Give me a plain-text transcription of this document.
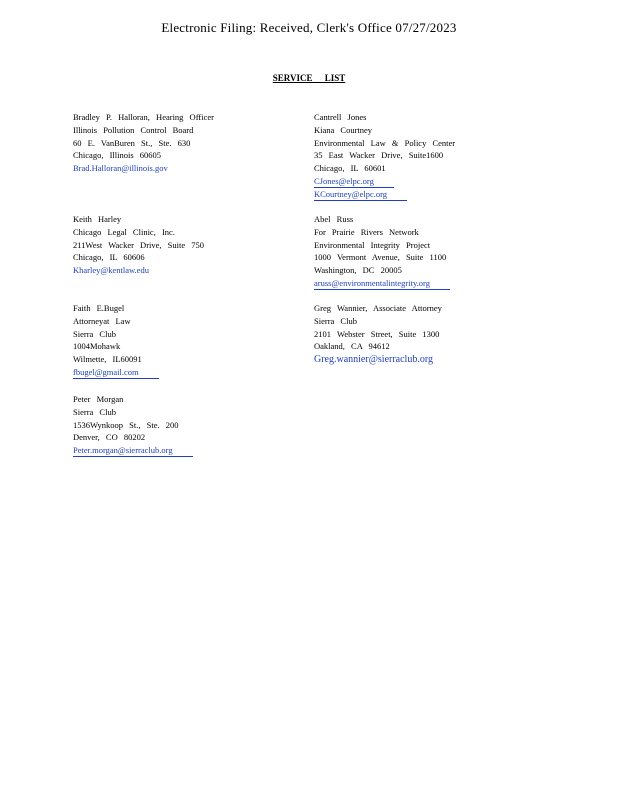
Electronic Filing: Received, Clerk's Office 07/27/2023
SERVICE LIST
Bradley P. Halloran, Hearing Officer
Illinois Pollution Control Board
60 E. VanBuren St., Ste. 630
Chicago, Illinois 60605
Brad.Halloran@illinois.gov
Keith Harley
Chicago Legal Clinic, Inc.
211West Wacker Drive, Suite 750
Chicago, IL 60606
Kharley@kentlaw.edu
Faith E.Bugel
Attorneyat Law
Sierra Club
1004Mohawk
Wilmette, IL60091
fbugel@gmail.com
Peter Morgan
Sierra Club
1536Wynkoop St., Ste. 200
Denver, CO 80202
Peter.morgan@sierraclub.org
Cantrell Jones
Kiana Courtney
Environmental Law & Policy Center
35 East Wacker Drive, Suite1600
Chicago, IL 60601
CJones@elpc.org
KCourtney@elpc.org
Abel Russ
For Prairie Rivers Network
Environmental Integrity Project
1000 Vermont Avenue, Suite 1100
Washington, DC 20005
aruss@environmentalintegrity.org
Greg Wannier, Associate Attorney
Sierra Club
2101 Webster Street, Suite 1300
Oakland, CA 94612
Greg.wannier@sierraclub.org
